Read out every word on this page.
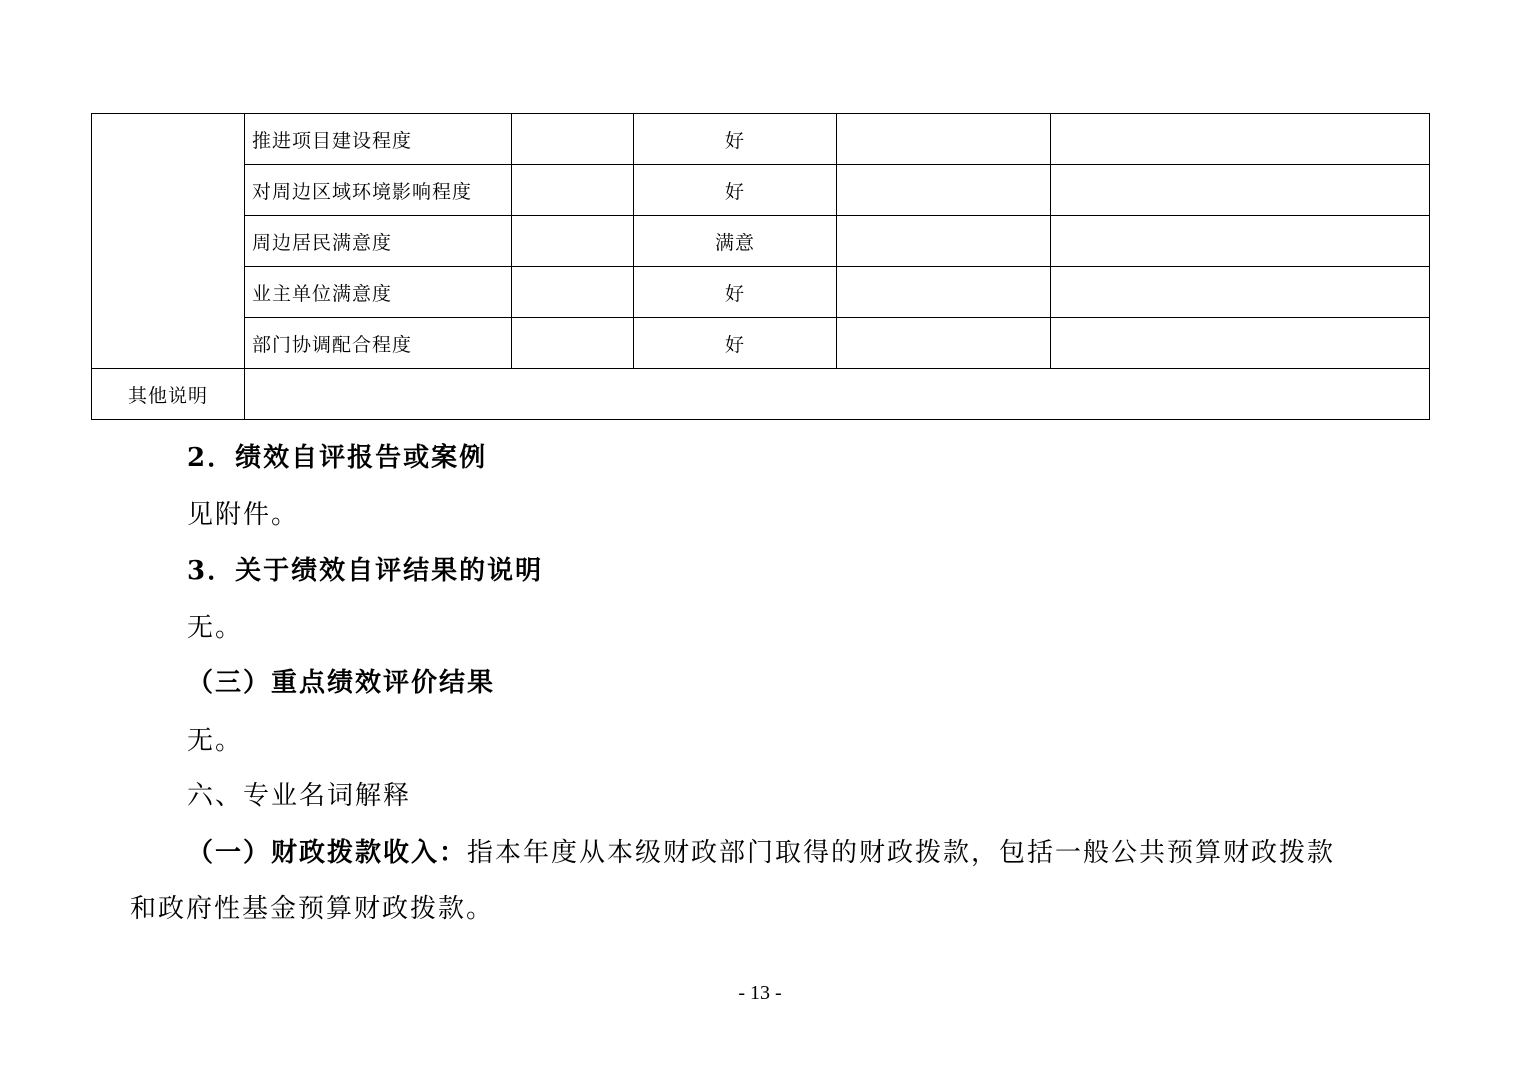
	推进项目建设程度		好		
	对周边区域环境影响程度		好		
	周边居民满意度		满意		
	业主单位满意度		好		
	部门协调配合程度		好		
其他说明					
2．绩效自评报告或案例
见附件。
3．关于绩效自评结果的说明
无。
（三）重点绩效评价结果
无。
六、专业名词解释
（一）财政拨款收入：指本年度从本级财政部门取得的财政拨款，包括一般公共预算财政拨款
和政府性基金预算财政拨款。
- 13 -
